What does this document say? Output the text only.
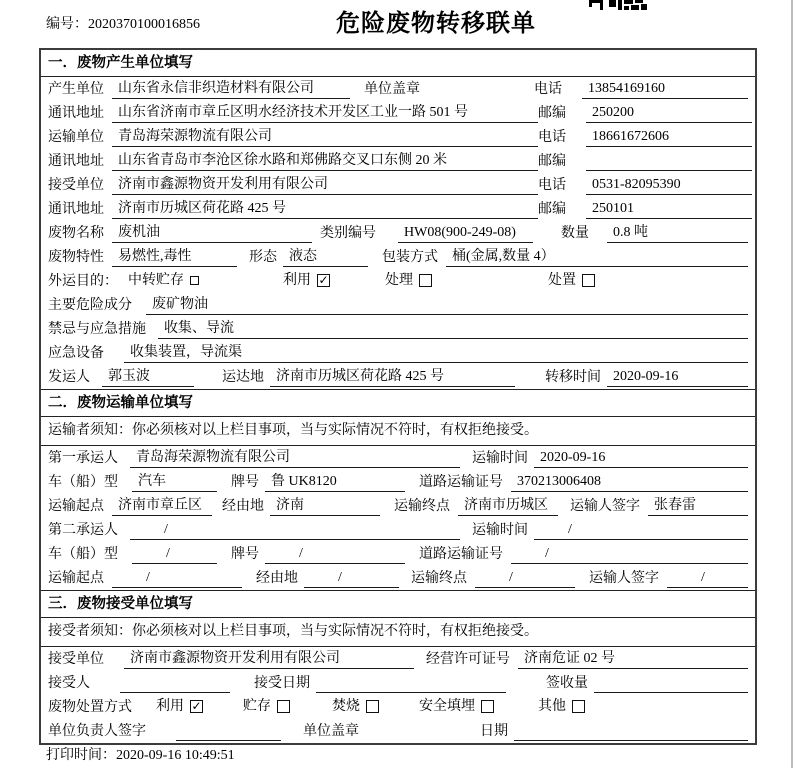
编号：2020370100016856	危险废物转移联单
一．废物产生单位填写
产生单位	山东省永信非织造材料有限公司	单位盖章	电话	13854169160
通讯地址	山东省济南市章丘区明水经济技术开发区工业一路 501 号	邮编	250200
运输单位	青岛海荣源物流有限公司	电话	18661672606
通讯地址	山东省青岛市李沧区徐水路和郑佛路交叉口东侧 20 米	邮编
接受单位	济南市鑫源物资开发利用有限公司	电话	0531-82095390
通讯地址	济南市历城区荷花路 425 号	邮编	250101
废物名称	废机油	类别编号	HW08(900-249-08)	数量	0.8 吨
废物特性	易燃性,毒性	形态 液态	包装方式	桶(金属,数量 4）
外运目的： 中转贮存	利用 ✓	处理	处置
主要危险成分	废矿物油
禁忌与应急措施	收集、导流
应急设备	收集装置，导流渠
发运人	郭玉波	运达地 济南市历城区荷花路 425 号	转移时间 2020-09-16
二．废物运输单位填写
运输者须知：你必须核对以上栏目事项，当与实际情况不符时，有权拒绝接受。
第一承运人	青岛海荣源物流有限公司	运输时间 2020-09-16
车（船）型	汽车	牌号 鲁 UK8120	道路运输证号	370213006408
运输起点	济南市章丘区	经由地 济南	运输终点	济南市历城区	运输人签字	张春雷
第二承运人	/	运输时间	/
车（船）型	/	牌号	/	道路运输证号	/
运输起点	/	经由地	/	运输终点	/	运输人签字	/
三．废物接受单位填写
接受者须知：你必须核对以上栏目事项，当与实际情况不符时，有权拒绝接受。
接受单位	济南市鑫源物资开发利用有限公司	经营许可证号	济南危证 02 号
接受人	接受日期	签收量
废物处置方式	利用 ✓	贮存	焚烧	安全填埋	其他
单位负责人签字	单位盖章	日期
打印时间：2020-09-16 10:49:51
